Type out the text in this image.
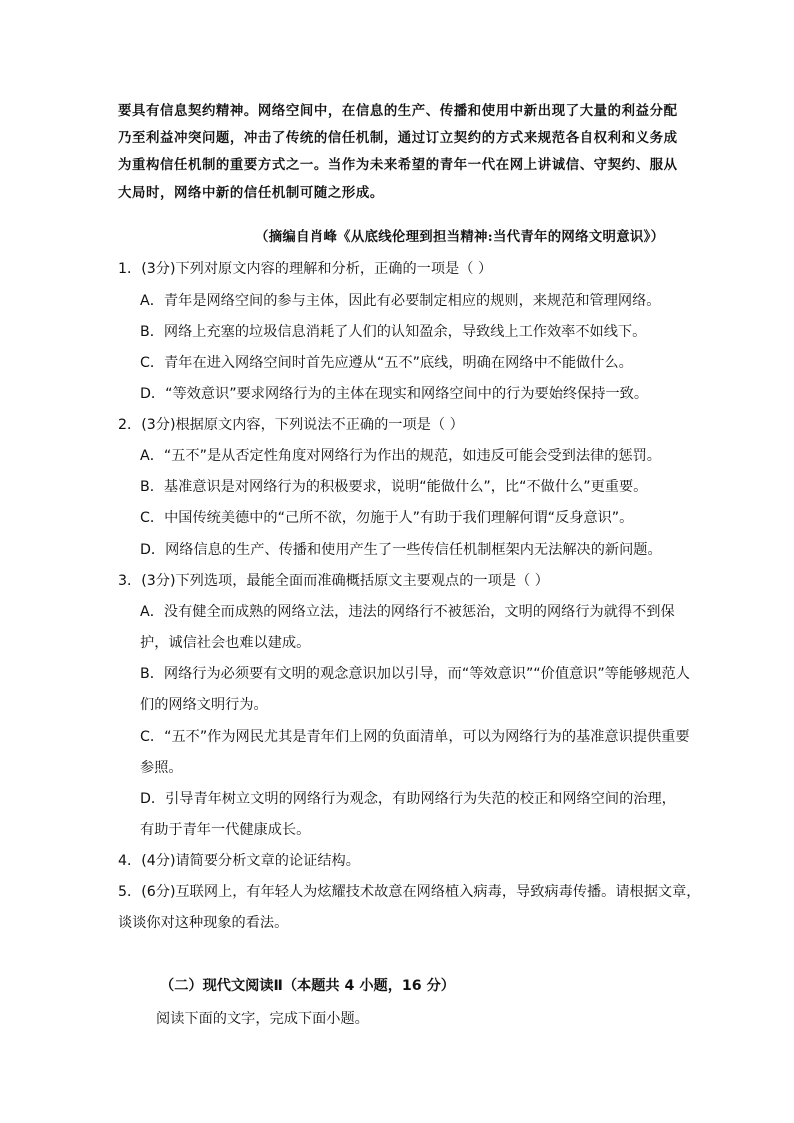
要具有信息契约精神。网络空间中，在信息的生产、传播和使用中新出现了大量的利益分配
乃至利益冲突问题，冲击了传统的信任机制，通过订立契约的方式来规范各自权利和义务成
为重构信任机制的重要方式之一。当作为未来希望的青年一代在网上讲诚信、守契约、服从
大局时，网络中新的信任机制可随之形成。
（摘编自肖峰《从底线伦理到担当精神:当代青年的网络文明意识》）
1．(3分)下列对原文内容的理解和分析，正确的一项是（ ）
A．青年是网络空间的参与主体，因此有必要制定相应的规则，来规范和管理网络。
B．网络上充塞的垃圾信息消耗了人们的认知盈余，导致线上工作效率不如线下。
C．青年在进入网络空间时首先应遵从“五不”底线，明确在网络中不能做什么。
D．“等效意识”要求网络行为的主体在现实和网络空间中的行为要始终保持一致。
2．(3分)根据原文内容，下列说法不正确的一项是（ ）
A．“五不”是从否定性角度对网络行为作出的规范，如违反可能会受到法律的惩罚。
B．基准意识是对网络行为的积极要求，说明“能做什么”，比“不做什么”更重要。
C．中国传统美德中的“己所不欲，勿施于人”有助于我们理解何谓“反身意识”。
D．网络信息的生产、传播和使用产生了一些传信任机制框架内无法解决的新问题。
3．(3分)下列选项，最能全面而准确概括原文主要观点的一项是（ ）
A．没有健全而成熟的网络立法，违法的网络行不被惩治，文明的网络行为就得不到保
护，诚信社会也难以建成。
B．网络行为必须要有文明的观念意识加以引导，而“等效意识”“价值意识”等能够规范人
们的网络文明行为。
C．“五不”作为网民尤其是青年们上网的负面清单，可以为网络行为的基准意识提供重要
参照。
D．引导青年树立文明的网络行为观念，有助网络行为失范的校正和网络空间的治理，
有助于青年一代健康成长。
4．(4分)请简要分析文章的论证结构。
5．(6分)互联网上，有年轻人为炫耀技术故意在网络植入病毒，导致病毒传播。请根据文章，
谈谈你对这种现象的看法。
（二）现代文阅读Ⅱ（本题共 4 小题，16 分）
阅读下面的文字，完成下面小题。
